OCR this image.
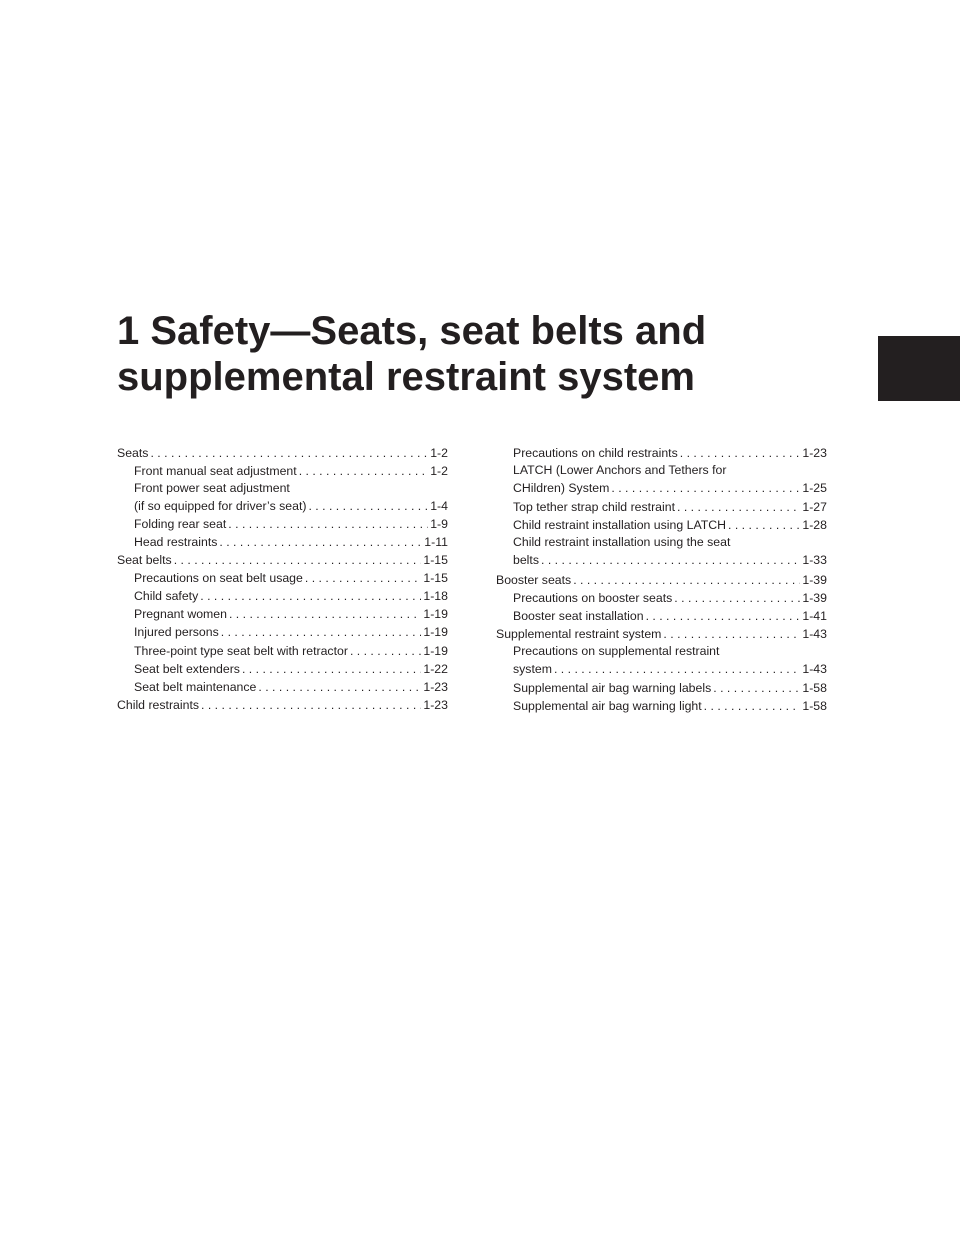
1 Safety—Seats, seat belts and
supplemental restraint system
Seats . . .	1-2
Front manual seat adjustment . . .	1-2
Front power seat adjustment
(if so equipped for driver’s seat) . . .	1-4
Folding rear seat . . .	1-9
Head restraints . . .	1-11
Seat belts . . .	1-15
Precautions on seat belt usage . . .	1-15
Child safety . . .	1-18
Pregnant women . . .	1-19
Injured persons . . .	1-19
Three-point type seat belt with retractor . . .	1-19
Seat belt extenders . . .	1-22
Seat belt maintenance . . .	1-23
Child restraints . . .	1-23
Precautions on child restraints . . .	1-23
LATCH (Lower Anchors and Tethers for
CHildren) System . . .	1-25
Top tether strap child restraint . . .	1-27
Child restraint installation using LATCH . . .	1-28
Child restraint installation using the seat
belts . . .	1-33
Booster seats . . .	1-39
Precautions on booster seats . . .	1-39
Booster seat installation . . .	1-41
Supplemental restraint system . . .	1-43
Precautions on supplemental restraint
system . . .	1-43
Supplemental air bag warning labels . . .	1-58
Supplemental air bag warning light . . .	1-58
